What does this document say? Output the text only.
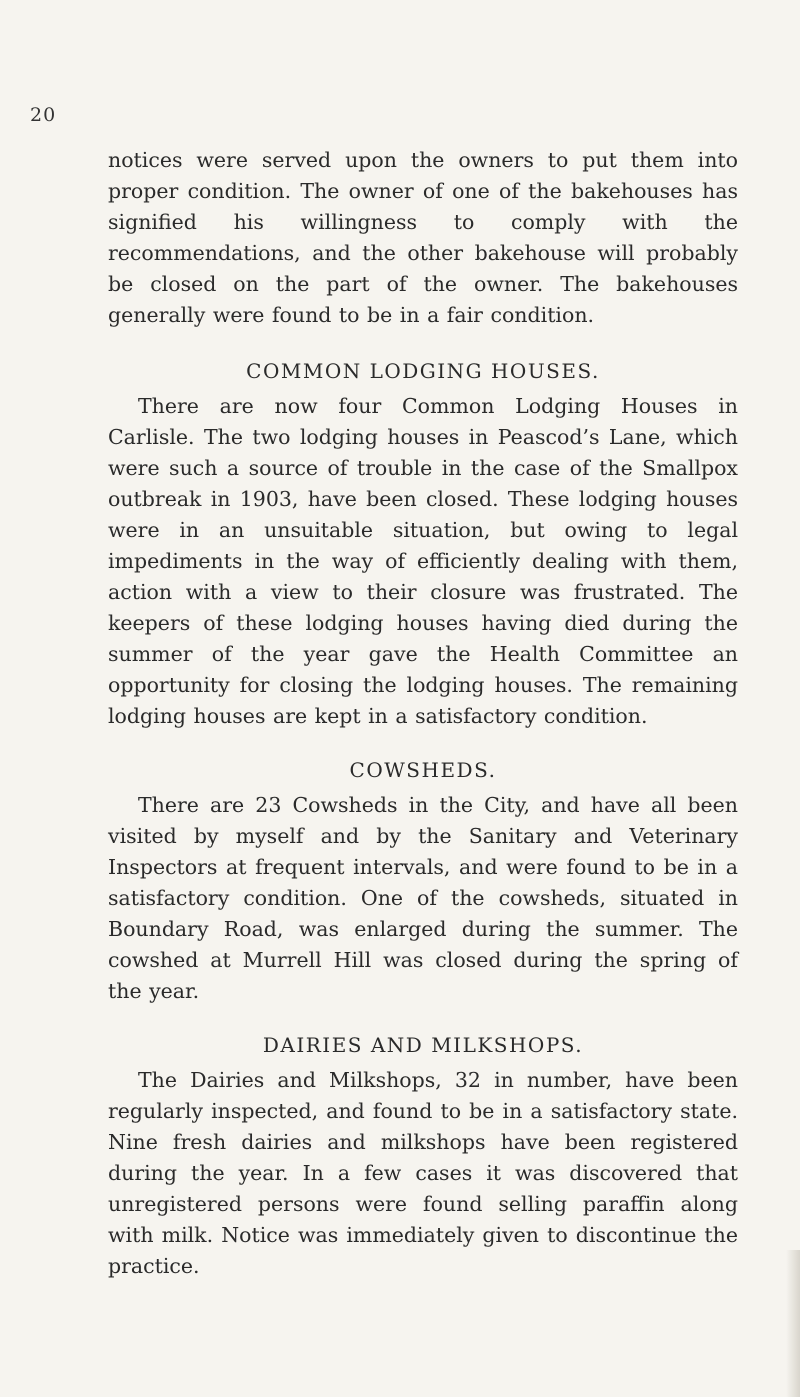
20

notices were served upon the owners to put them into proper condition. The owner of one of the bakehouses has signified his willingness to comply with the recommendations, and the other bakehouse will probably be closed on the part of the owner. The bakehouses generally were found to be in a fair condition.

COMMON LODGING HOUSES.

There are now four Common Lodging Houses in Carlisle. The two lodging houses in Peascod’s Lane, which were such a source of trouble in the case of the Smallpox outbreak in 1903, have been closed. These lodging houses were in an unsuitable situation, but owing to legal impediments in the way of efficiently dealing with them, action with a view to their closure was frustrated. The keepers of these lodging houses having died during the summer of the year gave the Health Committee an opportunity for closing the lodging houses. The remaining lodging houses are kept in a satisfactory condition.

COWSHEDS.

There are 23 Cowsheds in the City, and have all been visited by myself and by the Sanitary and Veterinary Inspectors at frequent intervals, and were found to be in a satisfactory condition. One of the cowsheds, situated in Boundary Road, was enlarged during the summer. The cowshed at Murrell Hill was closed during the spring of the year.

DAIRIES AND MILKSHOPS.

The Dairies and Milkshops, 32 in number, have been regularly inspected, and found to be in a satisfactory state. Nine fresh dairies and milkshops have been registered during the year. In a few cases it was discovered that unregistered persons were found selling paraffin along with milk. Notice was immediately given to discontinue the practice.
